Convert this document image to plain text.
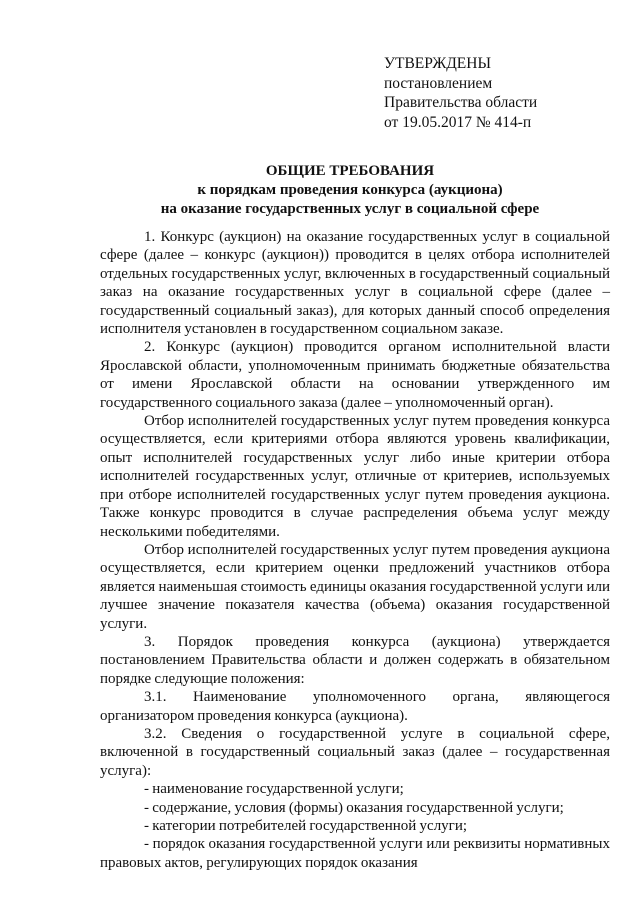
УТВЕРЖДЕНЫ
постановлением
Правительства области
от 19.05.2017 № 414-п
ОБЩИЕ ТРЕБОВАНИЯ
к порядкам проведения конкурса (аукциона)
на оказание государственных услуг в социальной сфере

1. Конкурс (аукцион) на оказание государственных услуг в социальной сфере (далее – конкурс (аукцион)) проводится в целях отбора исполнителей отдельных государственных услуг, включенных в государственный социальный заказ на оказание государственных услуг в социальной сфере (далее – государственный социальный заказ), для которых данный способ определения исполнителя установлен в государственном социальном заказе.

2. Конкурс (аукцион) проводится органом исполнительной власти Ярославской области, уполномоченным принимать бюджетные обязательства от имени Ярославской области на основании утвержденного им государственного социального заказа (далее – уполномоченный орган).

Отбор исполнителей государственных услуг путем проведения конкурса осуществляется, если критериями отбора являются уровень квалификации, опыт исполнителей государственных услуг либо иные критерии отбора исполнителей государственных услуг, отличные от критериев, используемых при отборе исполнителей государственных услуг путем проведения аукциона. Также конкурс проводится в случае распределения объема услуг между несколькими победителями.

Отбор исполнителей государственных услуг путем проведения аукциона осуществляется, если критерием оценки предложений участников отбора является наименьшая стоимость единицы оказания государственной услуги или лучшее значение показателя качества (объема) оказания государственной услуги.

3. Порядок проведения конкурса (аукциона) утверждается постановлением Правительства области и должен содержать в обязательном порядке следующие положения:

3.1. Наименование уполномоченного органа, являющегося организатором проведения конкурса (аукциона).

3.2. Сведения о государственной услуге в социальной сфере, включенной в государственный социальный заказ (далее – государственная услуга):

- наименование государственной услуги;

- содержание, условия (формы) оказания государственной услуги;

- категории потребителей государственной услуги;

- порядок оказания государственной услуги или реквизиты нормативных правовых актов, регулирующих порядок оказания
